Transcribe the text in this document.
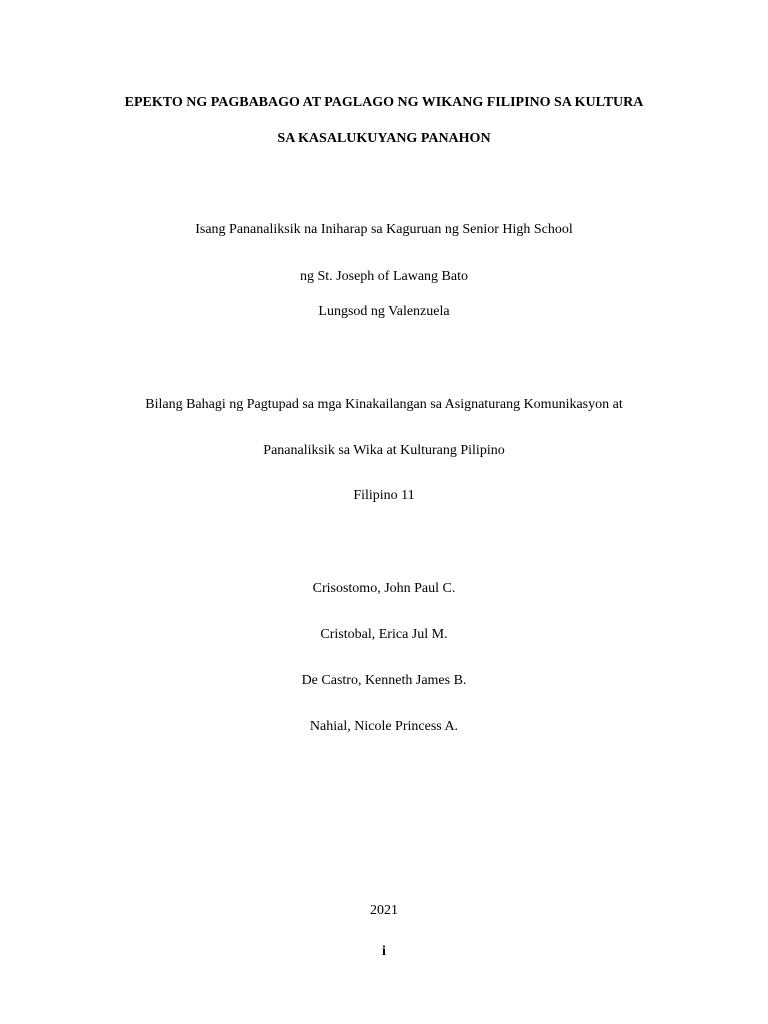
EPEKTO NG PAGBABAGO AT PAGLAGO NG WIKANG FILIPINO SA KULTURA
SA KASALUKUYANG PANAHON
Isang Pananaliksik na Iniharap sa Kaguruan ng Senior High School
ng St. Joseph of Lawang Bato
Lungsod ng Valenzuela
Bilang Bahagi ng Pagtupad sa mga Kinakailangan sa Asignaturang Komunikasyon at
Pananaliksik sa Wika at Kulturang Pilipino
Filipino 11
Crisostomo, John Paul C.
Cristobal, Erica Jul M.
De Castro, Kenneth James B.
Nahial, Nicole Princess A.
2021
i
